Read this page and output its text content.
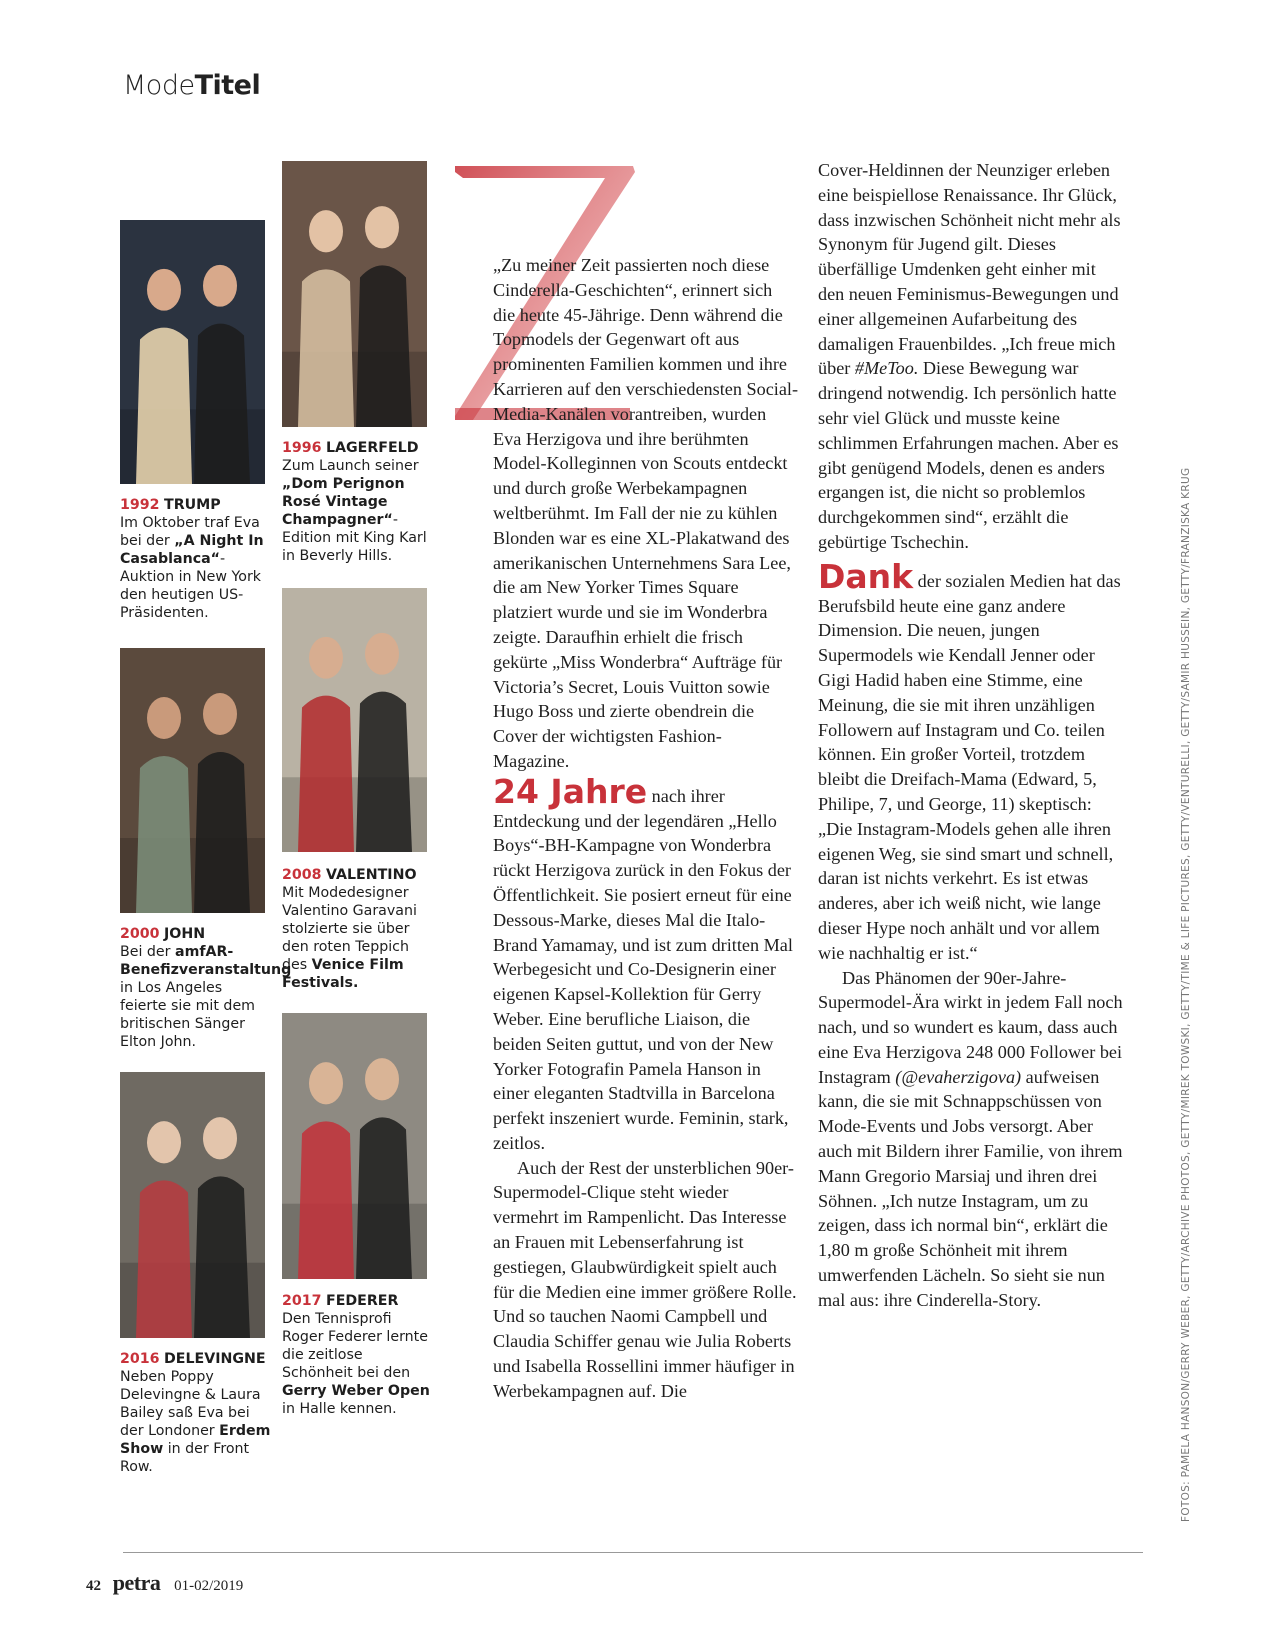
ModeTitel
1992 TRUMP
Im Oktober traf Eva bei der „A Night In Casablanca“-Auktion in New York den heutigen US-Präsidenten.
1996 LAGERFELD
Zum Launch seiner „Dom Perignon Rosé Vintage Champagner“-Edition mit King Karl in Beverly Hills.
2000 JOHN
Bei der amfAR-Benefizveranstaltung in Los Angeles feierte sie mit dem britischen Sänger Elton John.
2008 VALENTINO
Mit Modedesigner Valentino Garavani stolzierte sie über den roten Teppich des Venice Film Festivals.
2016 DELEVINGNE
Neben Poppy Delevingne & Laura Bailey saß Eva bei der Londoner Erdem Show in der Front Row.
2017 FEDERER
Den Tennisprofi Roger Federer lernte die zeitlose Schönheit bei den Gerry Weber Open in Halle kennen.

„Zu meiner Zeit passierten noch diese Cinderella-Geschichten“, erinnert sich die heute 45-Jährige. Denn während die Topmodels der Gegenwart oft aus prominenten Familien kommen und ihre Karrieren auf den verschiedensten Social-Media-Kanälen vorantreiben, wurden Eva Herzigova und ihre berühmten Model-Kolleginnen von Scouts entdeckt und durch große Werbekampagnen weltberühmt. Im Fall der nie zu kühlen Blonden war es eine XL-Plakatwand des amerikanischen Unternehmens Sara Lee, die am New Yorker Times Square platziert wurde und sie im Wonderbra zeigte. Daraufhin erhielt die frisch gekürte „Miss Wonderbra“ Aufträge für Victoria’s Secret, Louis Vuitton sowie Hugo Boss und zierte obendrein die Cover der wichtigsten Fashion-Magazine.

24 Jahre nach ihrer Entdeckung und der legendären „Hello Boys“-BH-Kampagne von Wonderbra rückt Herzigova zurück in den Fokus der Öffentlichkeit. Sie posiert erneut für eine Dessous-Marke, dieses Mal die Italo-Brand Yamamay, und ist zum dritten Mal Werbegesicht und Co-Designerin einer eigenen Kapsel-Kollektion für Gerry Weber. Eine berufliche Liaison, die beiden Seiten guttut, und von der New Yorker Fotografin Pamela Hanson in einer eleganten Stadtvilla in Barcelona perfekt inszeniert wurde. Feminin, stark, zeitlos.

Auch der Rest der unsterblichen 90er-Supermodel-Clique steht wieder vermehrt im Rampenlicht. Das Interesse an Frauen mit Lebenserfahrung ist gestiegen, Glaubwürdigkeit spielt auch für die Medien eine immer größere Rolle. Und so tauchen Naomi Campbell und Claudia Schiffer genau wie Julia Roberts und Isabella Rossellini immer häufiger in Werbekampagnen auf. Die

Cover-Heldinnen der Neunziger erleben eine beispiellose Renaissance. Ihr Glück, dass inzwischen Schönheit nicht mehr als Synonym für Jugend gilt. Dieses überfällige Umdenken geht einher mit den neuen Feminismus-Bewegungen und einer allgemeinen Aufarbeitung des damaligen Frauenbildes. „Ich freue mich über #MeToo. Diese Bewegung war dringend notwendig. Ich persönlich hatte sehr viel Glück und musste keine schlimmen Erfahrungen machen. Aber es gibt genügend Models, denen es anders ergangen ist, die nicht so problemlos durchgekommen sind“, erzählt die gebürtige Tschechin.

Dank der sozialen Medien hat das Berufsbild heute eine ganz andere Dimension. Die neuen, jungen Supermodels wie Kendall Jenner oder Gigi Hadid haben eine Stimme, eine Meinung, die sie mit ihren unzähligen Followern auf Instagram und Co. teilen können. Ein großer Vorteil, trotzdem bleibt die Dreifach-Mama (Edward, 5, Philipe, 7, und George, 11) skeptisch: „Die Instagram-Models gehen alle ihren eigenen Weg, sie sind smart und schnell, daran ist nichts verkehrt. Es ist etwas anderes, aber ich weiß nicht, wie lange dieser Hype noch anhält und vor allem wie nachhaltig er ist.“

Das Phänomen der 90er-Jahre-Supermodel-Ära wirkt in jedem Fall noch nach, und so wundert es kaum, dass auch eine Eva Herzigova 248 000 Follower bei Instagram (@evaherzigova) aufweisen kann, die sie mit Schnappschüssen von Mode-Events und Jobs versorgt. Aber auch mit Bildern ihrer Familie, von ihrem Mann Gregorio Marsiaj und ihren drei Söhnen. „Ich nutze Instagram, um zu zeigen, dass ich normal bin“, erklärt die 1,80 m große Schönheit mit ihrem umwerfenden Lächeln. So sieht sie nun mal aus: ihre Cinderella-Story.	FOTOS: PAMELA HANSON/GERRY WEBER, GETTY/ARCHIVE PHOTOS, GETTY/MIREK TOWSKI, GETTY/TIME & LIFE PICTURES, GETTY/VENTURELLI, GETTY/SAMIR HUSSEIN, GETTY/FRANZISKA KRUG
42 petra 01-02/2019
